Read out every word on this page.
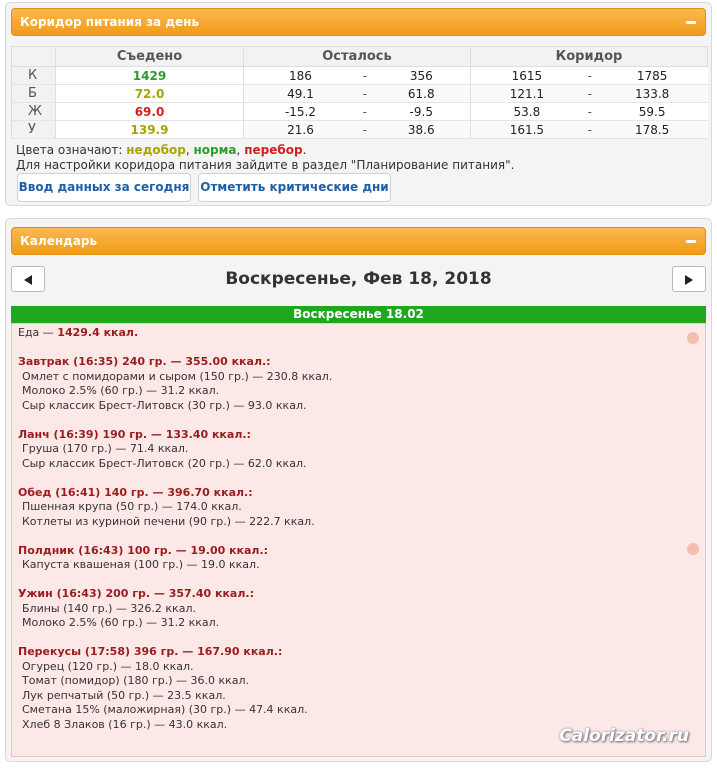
Коридор питания за день
	Съедено	Осталось			Коридор		
К	1429	186	-	356	1615	-	1785
Б	72.0	49.1	-	61.8	121.1	-	133.8
Ж	69.0	-15.2	-	-9.5	53.8	-	59.5
У	139.9	21.6	-	38.6	161.5	-	178.5
Цвета означают: недобор, норма, перебор.
Для настройки коридора питания зайдите в раздел "Планирование питания".
Ввод данных за сегодня Отметить критические дни
Календарь
Воскресенье, Фев 18, 2018
Воскресенье 18.02
Еда — 1429.4 ккал.
Завтрак (16:35) 240 гр. — 355.00 ккал.:
Омлет с помидорами и сыром (150 гр.) — 230.8 ккал.
Молоко 2.5% (60 гр.) — 31.2 ккал.
Сыр классик Брест-Литовск (30 гр.) — 93.0 ккал.
Ланч (16:39) 190 гр. — 133.40 ккал.:
Груша (170 гр.) — 71.4 ккал.
Сыр классик Брест-Литовск (20 гр.) — 62.0 ккал.
Обед (16:41) 140 гр. — 396.70 ккал.:
Пшенная крупа (50 гр.) — 174.0 ккал.
Котлеты из куриной печени (90 гр.) — 222.7 ккал.
Полдник (16:43) 100 гр. — 19.00 ккал.:
Капуста квашеная (100 гр.) — 19.0 ккал.
Ужин (16:43) 200 гр. — 357.40 ккал.:
Блины (140 гр.) — 326.2 ккал.
Молоко 2.5% (60 гр.) — 31.2 ккал.
Перекусы (17:58) 396 гр. — 167.90 ккал.:
Огурец (120 гр.) — 18.0 ккал.
Томат (помидор) (180 гр.) — 36.0 ккал.
Лук репчатый (50 гр.) — 23.5 ккал.
Сметана 15% (маложирная) (30 гр.) — 47.4 ккал.
Хлеб 8 Злаков (16 гр.) — 43.0 ккал.
Calorizator.ru
